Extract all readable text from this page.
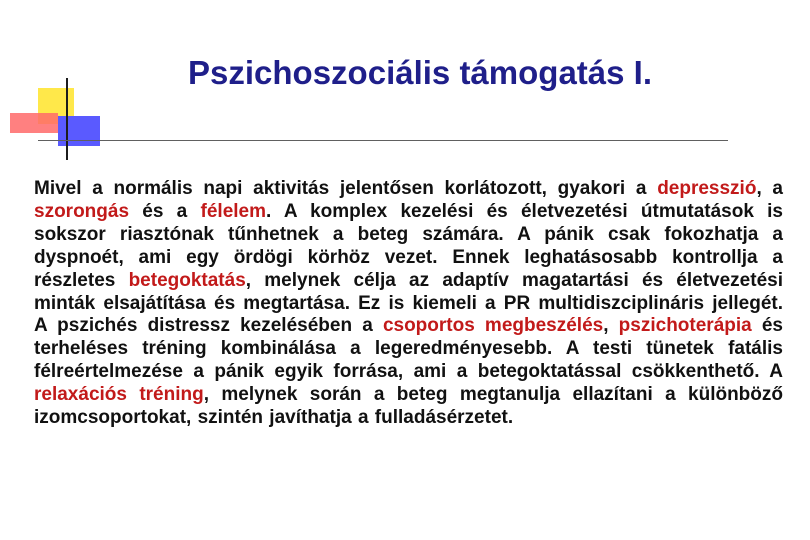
Pszichoszociális támogatás I.

Mivel a normális napi aktivitás jelentősen korlátozott, gyakori a depresszió, a szorongás és a félelem. A komplex kezelési és életvezetési útmutatások is sokszor riasztónak tűnhetnek a beteg számára. A pánik csak fokozhatja a dyspnoét, ami egy ördögi körhöz vezet. Ennek leghatásosabb kontrollja a részletes betegoktatás, melynek célja az adaptív magatartási és életvezetési minták elsajátítása és megtartása. Ez is kiemeli a PR multidiszciplináris jellegét. A pszichés distressz kezelésében a csoportos megbeszélés, pszichoterápia és terheléses tréning kombinálása a legeredményesebb. A testi tünetek fatális félreértelmezése a pánik egyik forrása, ami a betegoktatással csökkenthető. A relaxációs tréning, melynek során a beteg megtanulja ellazítani a különböző izomcsoportokat, szintén javíthatja a fulladásérzetet.
